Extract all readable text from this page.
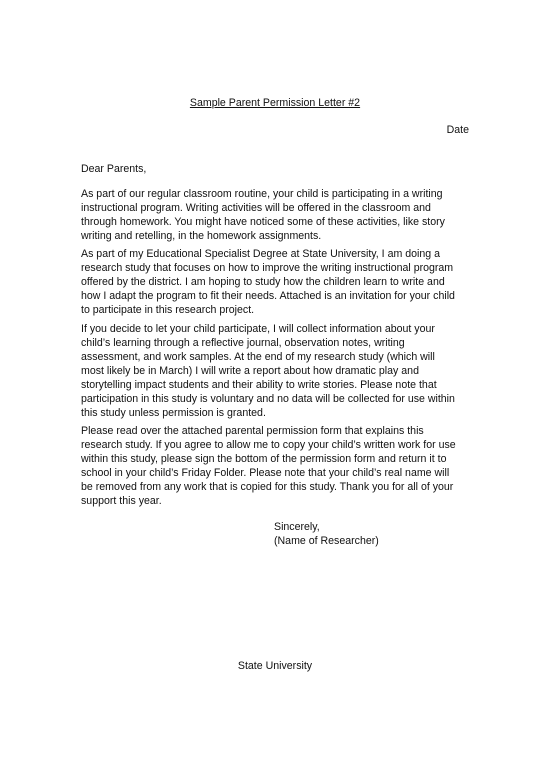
Sample Parent Permission Letter #2
Date
Dear Parents,
As part of our regular classroom routine, your child is participating in a writing
instructional program. Writing activities will be offered in the classroom and
through homework. You might have noticed some of these activities, like story
writing and retelling, in the homework assignments.
As part of my Educational Specialist Degree at State University, I am doing a
research study that focuses on how to improve the writing instructional program
offered by the district. I am hoping to study how the children learn to write and
how I adapt the program to fit their needs. Attached is an invitation for your child
to participate in this research project.
If you decide to let your child participate, I will collect information about your
child’s learning through a reflective journal, observation notes, writing
assessment, and work samples. At the end of my research study (which will
most likely be in March) I will write a report about how dramatic play and
storytelling impact students and their ability to write stories. Please note that
participation in this study is voluntary and no data will be collected for use within
this study unless permission is granted.
Please read over the attached parental permission form that explains this
research study. If you agree to allow me to copy your child’s written work for use
within this study, please sign the bottom of the permission form and return it to
school in your child’s Friday Folder. Please note that your child’s real name will
be removed from any work that is copied for this study. Thank you for all of your
support this year.
Sincerely,
(Name of Researcher)
State University
